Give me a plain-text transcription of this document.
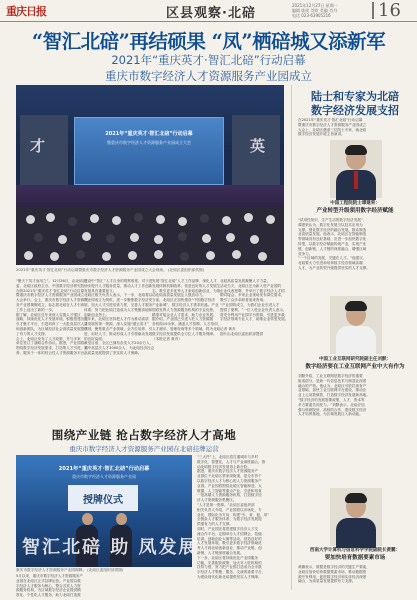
重庆日报	区县观察·北碚
2021年12月27日 星期一
编辑 陈欣 刘欢 美编 肖丹
电话 023-63905216	16
“智汇北碚”再结硕果 “凤”栖碚城又添新军
2021年“重庆英才·智汇北碚”行动启幕
重庆市数字经济人才资源服务产业园成立
才	英
2021年“重庆英才·智汇北碚”行动启幕
暨重庆市数字经济人才资源服务产业园成立大会
2021年“重庆英才·智汇北碚”行动启幕暨重庆市数字经济人才资源服务产业园成立大会现场。 (北碚区委组织部供图)
陆士和专家为北碚
数字经济发展支招
在2021年“重庆英才·智汇北碚”行动启幕
暨重庆市数字经济人才资源服务产业园成立
大会上，北碚区邀请三位院士专家，就北碚
数字经济发展开展主旨演讲。
中国工程院院士谭建荣：
产业转型升级须用数字经济赋能
“试用性知识、生产生活的数字经济发展”，
谭建荣认为，数字化发展当以技术应用为
支撑，强化数字经济的融合发展，推动制造
业高质量发展。他表示，北碚区在智能制造
等领域具有良好基础，应进一步加快数字化
转型，以数字经济赋能传统产业，实现产业
链、创新链、人才链的深度融合，增强区域
竞争力。
“一个区域的发展，关键在人才。”他建议，
北碚要大力引进和培养数字经济领域高端
人才，为产业转型升级提供坚实的人才支撑。
中国工业互联网研究院副主任刘默：
数字经济要在工业互联网产业中大有作为
刘默介绍，工业互联网是数字经济的重要
组成部分，是新一代信息技术与制造业深度
融合的产物。他认为，北碚区可依托现有产
业基础，加快工业互联网平台建设，推动企
业上云用数赋智，打造数字经济发展新高地。
“数字经济的发展需要政策、人才、资本等
多方要素共同发力。”刘默表示，北碚应加
强与科研院所、高校的合作，建设数字经济
人才培养基地，为区域发展注入新动能。
西南大学计算机与信息科学学院副院长黄鹏：
要加快培育数据要素市场
黄鹏表示，数据是数字经济的关键生产要素，
北碚应加快培育数据要素市场，推动数据资
源开发利用，促进数字经济和实体经济深度
融合，为高质量发展提供有力支撑。
“聚天下英才而用之”。12月26日，由北碚区
委、北碚区政府主办，中国数字经济研究院协
办的2021年“重庆英才·智汇北碚”行动启幕
暨重庆市数字经济人才资源服务产业园成立
大会举行。会上，重庆市数字经济人才资源服
务产业园揭牌成立，标志着北碚在人才引育
工作上迈出了新的一步。
据了解，北碚区近年来深入实施人才强区
战略，持续优化人才发展环境，积极搭建各类
引才聚才平台，引进培育了一大批高层次人才
和创新团队，为区域经济社会高质量发展提供
了有力的人才支撑。
会上，北碚区发布了人才政策，并与多家
单位签订了战略合作协议。据悉，产业园将
围绕数字经济发展需求，打造集人才引进、培
养、服务于一体的综合性人才资源服务平台。
建设中“智汇”人才自身的观察维度。对于进
一步提升人才服务质量，推动人才工作创新
发展具有重要意义。
北碚区相关负责人表示，下一步，北碚将以
产业园成立为契机，进一步聚焦数字经济发
展，加大人才引进培育力度，完善人才服务
体系，努力把北碚打造成为人才集聚高地和
创新创业热土。
近年来，北碚区坚持把人才作为推动高质
量发展的第一资源，深入实施“缙云英才”
计划，聚焦重点产业领域，全方位培养、引
进、用好人才，推动形成人才引领驱动发展
的良好局面。
截至目前，全区已拥有各类人才20余万人，
其中高层次人才3000余人，为北碚经济社会
高质量发展提供了坚实的人才保障。
发展“智汇北碚”人才工作品牌，深化人才
发展体制机制改革，营造良好的人才发展生
态，吸引更多优秀人才来碚创新创业，为推
动北碚高质量发展注入强劲动力。
当前，北碚区正加快建设“中国数字经济
产业新城”，数字经济人才需求旺盛。产业
园将发挥人力资源服务机构的专业优势，
精准对接企业人才需求，助力企业发展。
据介绍，产业园已引进入驻人力资源服
务机构10余家，涵盖人才招聘、人才培训、
人才测评、管理咨询等多个领域，将为北碚
数字经济发展提供全方位人才服务保障。
（本报记者 黄乔）
北碚高质量发展凝聚人才力量。
活动当天，北碚区还为新入驻产业园的
企业代表授牌，并举行了数字经济人才招
聘对接会。多家企业现场发布岗位需求，
吸引了众多求职者前来咨询。
“产业园的成立，为我们企业引进人才
提供了便利。”一位入驻企业负责人表示，
将充分利用产业园平台资源，引进更多数
字经济领域专业人才，助推企业转型发展。
记者 黄乔
图片由北碚区委组织部提供
围绕产业链 抢占数字经济人才高地
重庆市数字经济人才资源服务产业园在北碚挂牌运营
2021年“重庆英才·智汇北碚”行动启幕
重庆市数字经济人才资源服务产业园
授牌仪式
智汇北碚 助 凤发展
重庆市数字经济人才资源服务产业园揭牌。 (北碚区委组织部供图)
“三大件”上，北碚区将打通城市与乡村
数字化、智慧化，人才与产业深度融合，推
动北碚数字经济发展再上新台阶。
据悉，重庆市数字经济人才资源服务产
业园位于北碚区蔡家岗街道，是全市首个
以数字经济人才为核心的人力资源服务产
业园。产业园将围绕北碚区智能制造、大
数据、人工智能等重点产业，引进和培育
一批高端人力资源服务机构，打造数字经
济人才资源服务集聚区。
“人才是第一资源。”北碚区委组织部
相关负责人介绍，产业园将以市场化、专
业化、国际化为方向，构建“引、育、留、用”
全链条人才服务体系，为数字经济发展提
供强有力的人才支撑。
同时，产业园还将搭建数字经济人才交
流合作平台，定期举办人才招聘会、技能
培训、创新创业大赛等活动，营造良好的
人才发展环境，吸引更多数字经济领域优
秀人才到北碚创新创业，推动产业链、创
新链、人才链深度融合发展。
下一步，北碚区将持续优化产业园服务
功能，完善配套政策，加大对入驻机构的
扶持力度，努力把产业园打造成为全市数
字经济人才集聚、服务、交流的重要平台，
为建设现代化新北碚提供坚实人才保障。
5月以来，重庆市数字经济人才资源服务产
业园在北碚区正式挂牌运营。产业园以数
字经济人才服务为核心，整合各类人力资
源服务机构，为区域数字经济企业提供精
准化、个性化人才服务，助力北碚打造数
